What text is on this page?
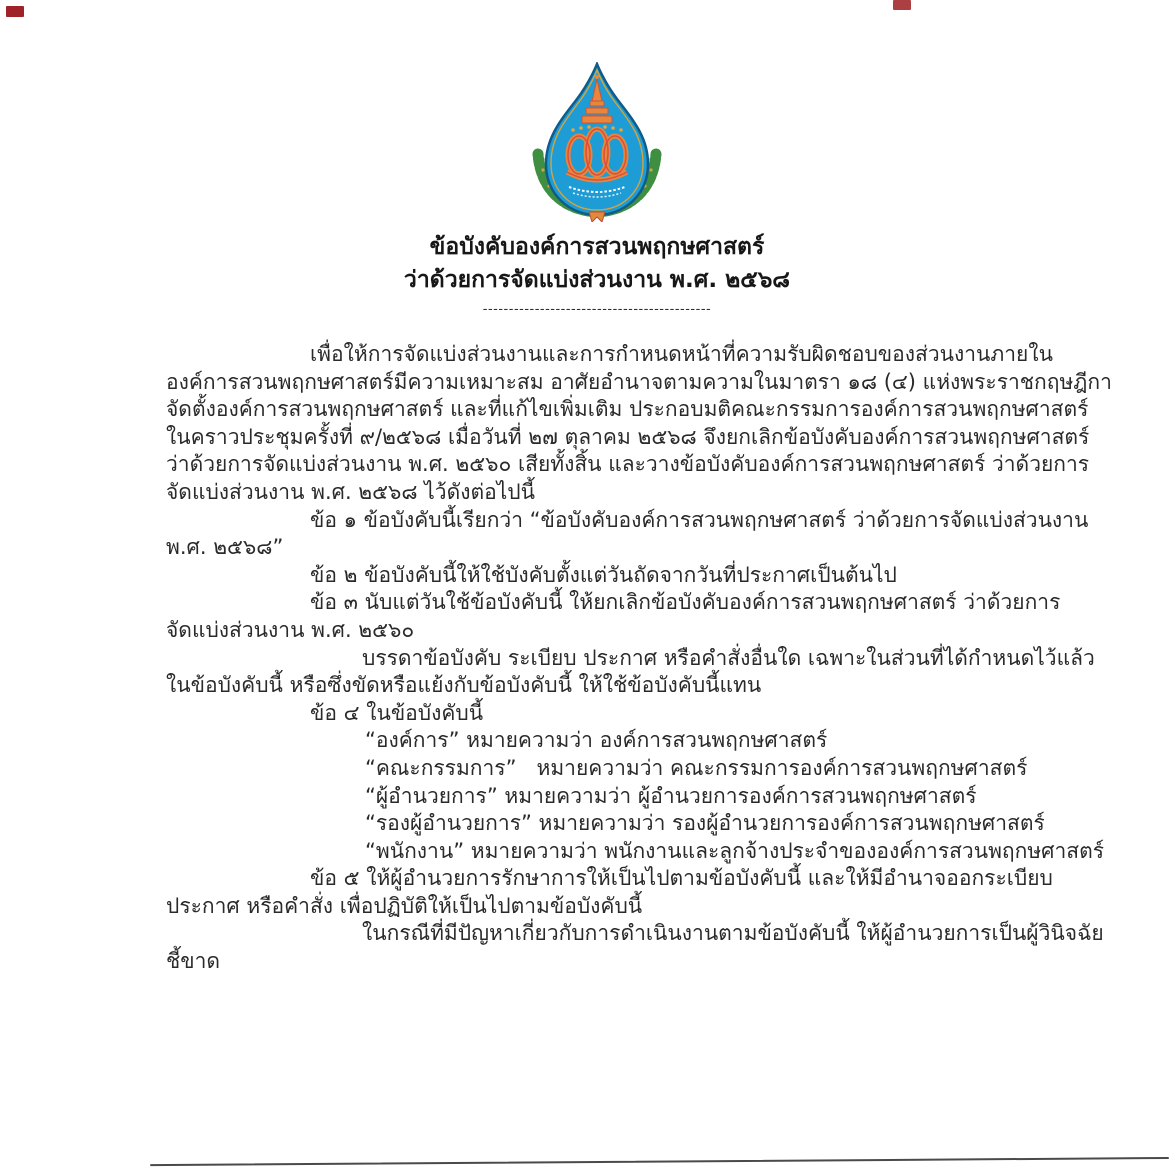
ข้อบังคับองค์การสวนพฤกษศาสตร์
ว่าด้วยการจัดแบ่งส่วนงาน พ.ศ. ๒๕๖๘
--------------------------------------------
เพื่อให้การจัดแบ่งส่วนงานและการกำหนดหน้าที่ความรับผิดชอบของส่วนงานภายใน
องค์การสวนพฤกษศาสตร์มีความเหมาะสม อาศัยอำนาจตามความในมาตรา ๑๘ (๔) แห่งพระราชกฤษฎีกา
จัดตั้งองค์การสวนพฤกษศาสตร์ และที่แก้ไขเพิ่มเติม ประกอบมติคณะกรรมการองค์การสวนพฤกษศาสตร์
ในคราวประชุมครั้งที่ ๙/๒๕๖๘ เมื่อวันที่ ๒๗ ตุลาคม ๒๕๖๘ จึงยกเลิกข้อบังคับองค์การสวนพฤกษศาสตร์
ว่าด้วยการจัดแบ่งส่วนงาน พ.ศ. ๒๕๖๐ เสียทั้งสิ้น และวางข้อบังคับองค์การสวนพฤกษศาสตร์ ว่าด้วยการ
จัดแบ่งส่วนงาน พ.ศ. ๒๕๖๘ ไว้ดังต่อไปนี้
ข้อ ๑ ข้อบังคับนี้เรียกว่า “ข้อบังคับองค์การสวนพฤกษศาสตร์ ว่าด้วยการจัดแบ่งส่วนงาน
พ.ศ. ๒๕๖๘”
ข้อ ๒ ข้อบังคับนี้ให้ใช้บังคับตั้งแต่วันถัดจากวันที่ประกาศเป็นต้นไป
ข้อ ๓ นับแต่วันใช้ข้อบังคับนี้ ให้ยกเลิกข้อบังคับองค์การสวนพฤกษศาสตร์ ว่าด้วยการ
จัดแบ่งส่วนงาน พ.ศ. ๒๕๖๐
บรรดาข้อบังคับ ระเบียบ ประกาศ หรือคำสั่งอื่นใด เฉพาะในส่วนที่ได้กำหนดไว้แล้ว
ในข้อบังคับนี้ หรือซึ่งขัดหรือแย้งกับข้อบังคับนี้ ให้ใช้ข้อบังคับนี้แทน
ข้อ ๔ ในข้อบังคับนี้
“องค์การ” หมายความว่า องค์การสวนพฤกษศาสตร์
“คณะกรรมการ”   หมายความว่า คณะกรรมการองค์การสวนพฤกษศาสตร์
“ผู้อำนวยการ” หมายความว่า ผู้อำนวยการองค์การสวนพฤกษศาสตร์
“รองผู้อำนวยการ” หมายความว่า รองผู้อำนวยการองค์การสวนพฤกษศาสตร์
“พนักงาน” หมายความว่า พนักงานและลูกจ้างประจำขององค์การสวนพฤกษศาสตร์
ข้อ ๕ ให้ผู้อำนวยการรักษาการให้เป็นไปตามข้อบังคับนี้ และให้มีอำนาจออกระเบียบ
ประกาศ หรือคำสั่ง เพื่อปฏิบัติให้เป็นไปตามข้อบังคับนี้
ในกรณีที่มีปัญหาเกี่ยวกับการดำเนินงานตามข้อบังคับนี้ ให้ผู้อำนวยการเป็นผู้วินิจฉัย
ชี้ขาด
